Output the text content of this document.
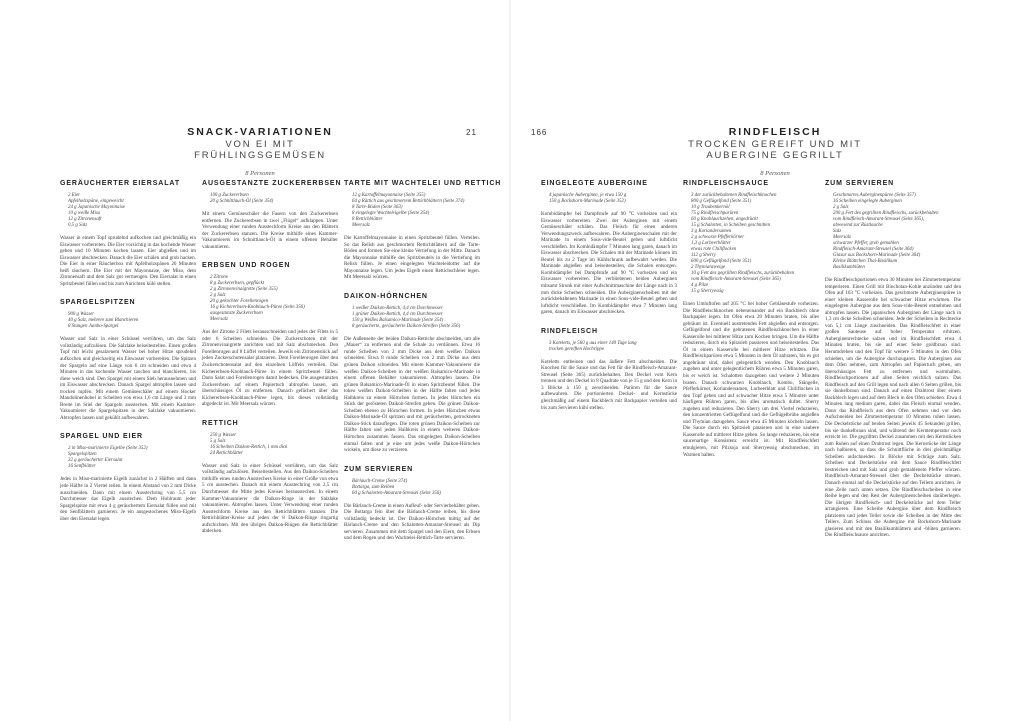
21
SNACK-VARIATIONEN
VON EI MIT FRÜHLINGSGEMÜSEN
8 Personen
GERÄUCHERTER EIERSALAT
2 Eier
Apfelholzspäne, eingeweicht
24 g Japanische Mayonnaise
10 g weiße Miso
12 g Zitronensaft
0,5 g Salz
Wasser in einem Topf sprudelnd aufkochen und gleichmäßig ein Eiswasser vorbereiten. Die Eier vorsichtig in das kochende Wasser geben und 10 Minuten kochen lassen. Eier abgießen und im Eiswasser abschrecken. Danach die Eier schälen und grob hacken. Die Eier in einer Räucherbox mit Apfelholzspänen 20 Minuten heiß räuchern. Die Eier mit der Mayonnaise, der Miso, dem Zitronensaft und dem Salz gut vermengen. Den Eiersalat in einen Spritzbeutel füllen und bis zum Anrichten kühl stellen.
SPARGELSPITZEN
900 g Wasser
40 g Salz, mehrere zum Blanchieren
8 Stangen Jumbo-Spargel
Wasser und Salz in einer Schüssel verrühren, um das Salz vollständig aufzulösen. Die Salzlake beiseitestellen. Einen großen Topf mit leicht gesalzenem Wasser bei hoher Hitze sprudelnd aufkochen und gleichzeitig ein Eiswasser vorbereiten. Die Spitzen der Spargeln auf eine Länge von 6 cm schneiden und etwa 4 Minuten in das kochende Wasser tauchen und blanchieren, bis diese weich sind. Den Spargel mit einem Sieb herausnehmen und im Eiswasser abschrecken. Danach Spargel abtropfen lassen und trocken tupfen. Mit einem Gemüseschäler auf einem Hocker Mandolinenhobel in Scheiben von etwa 1,6 cm Länge und 3 mm Breite im Stiel der Spargeln ausstechen. Mit einem Kammer-Vakuumierer die Spargelspitzen in der Salzlake vakuumieren. Abtropfen lassen und gekühlt aufbewahren.
SPARGEL UND EIER
2 in Miso-marinierte Eigelbe (Seite 352)
Spargelspitzen
32 g geräucherter Eiersalat
16 Senfblätter
Jedes in Miso-marinierte Eigelb zunächst in 2 Hälften und dann jede Hälfte in 2 Viertel teilen. In einem Abstand von 2 mm Dicke ausschneiden. Dann mit einem Ausstechring von 5,5 cm Durchmesser das Eigelb ausstechen. Dem Hohlraum jeder Spargelspitze mit etwa 4 g geräuchertem Eiersalat füllen und mit den Senfblättern garnieren. Je ein ausgestochenes Miso-Eigelb über den Eiersalat legen.
AUSGESTANZTE ZUCKERERBSEN
100 g Zuckererbsen
20 g Schnittlauch-Öl (Seite 354)
Mit einem Gemüseschäler die Fasern von den Zuckererbsen entfernen. Die Zuckererbsen in zwei „Flügel“ aufklappen. Unter Verwendung einer runden Ausstechform Kreise aus den Blättern der Zuckererbsen stanzen. Die Kreise mithilfe eines Kammer-Vakuumierers im Schnittlauch-Öl in einem offenen Behälter vakuumieren.
ERBSEN UND ROGEN
2 Zitrone
8 g Zuckererbsen, gepflückt
2 g Zitronenvinaigrette (Seite 355)
2 g Salz
20 g gekochter Forellenrogen
16 g Kichererbsen-Knoblauch-Püree (Seite 356)
ausgestanzte Zuckererbsen
Meersalz
Aus der Zitrone 2 Filets herausschneiden und jedes der Filets in 5 oder 6 Scheiben schneiden. Die Zuckerschoten mit der Zitronenvinaigrette anrichten und mit Salz abschmecken. Den Forellenrogen auf 8 Löffel verteilen. Jeweils ein Zitronenstück auf jeden Zuckerschotensalat platzieren. Dem Forellenrogen über den Zuckerschotensalat auf den einzelnen Löffeln verteilen. Das Kichererbsen-Knoblauch-Püree in einem Spritzbeutel füllen. Dann Salat und Forellenrogen damit bedecken. Die ausgestanzten Zuckererbsen auf einem Papiertuch abtropfen lassen, um überschüssiges Öl zu entfernen. Danach gefächert über das Kichererbsen-Knoblauch-Püree legen, bis dieses vollständig abgedeckt ist. Mit Meersalz würzen.
RETTICH
250 g Wasser
5 g Salz
16 Scheiben Daikon-Rettich, 1 mm dick
24 Rettichblätter
Wasser und Salz in einer Schüssel verrühren, um das Salz vollständig aufzulösen. Beiseitestellen. Aus den Daikon-Scheiben mithilfe eines runden Ausstechers Kreise in einer Größe von etwa 5 cm ausstechen. Danach mit einem Ausstechring von 2,5 cm Durchmesser die Mitte jedes Kreises herausstechen. In einem Kammer-Vakuumierer die Daikon-Ringe in der Salzlake vakuumieren. Abtropfen lassen. Unter Verwendung einer runden Ausstechform Kreise aus den Rettichblättern stanzen. Die Rettichblätter-Kreise auf jeden der 8 Daikon-Ringe ringartig aufschichten. Mit den übrigen Daikon-Ringen die Rettichblätter abdecken.
TARTE MIT WACHTELEI UND RETTICH
12 g Kartoffelmayonnaise (Seite 355)
64 g Rättich aus geschmortem Rettichblättern (Seite 374)
8 Tarte-Böden (Seite 363)
8 eingelegte Wachteleigelbe (Seite 354)
8 Rettichblätter
Meersalz
Die Kartoffelmayonnaise in einen Spritzbeutel füllen. Verteilen. So das Relish aus geschmortem Rettichblättern auf die Tarte-Böden und formen Sie eine kleine Vertiefung in der Mitte. Danach die Mayonnaise mithilfe des Spritzbeutels in die Vertiefung im Relish füllen. Je einen eingelegten Wachteleidotter auf die Mayonnaise legen. Um jedes Eigelb einen Rettichschleier legen. Mit Meersalz würzen.
DAIKON-HÖRNCHEN
1 weißer Daikon-Rettich, 4,4 cm Durchmesser
1 grüner Daikon-Rettich, 4,4 cm Durchmesser
150 g Weißes Balsamico-Marinade (Seite 354)
8 geräucherte, geräucherte Daikon-Streifen (Seite 356)
Die Außenseite der beiden Daikon-Rettiche abschneiden, um alle „Mauer“ zu entfernen und die Schale zu verdünnen. Etwa 16 runde Scheiben von 2 mm Dicke aus dem weißen Daikon schneiden. Etwa 8 runde Scheiben von 2 mm Dicke aus dem grünen Daikon schneiden. Mit einem Kammer-Vakuumierer die weißen Daikon-Scheiben in der weißen Balsamico-Marinade in einem offenen Behälter vakuumieren. Abtropfen lassen. Die grünen Balsamico-Marinade-Öl in einen Spritzbeutel füllen. Die tokeo weißen Daikon-Scheiben in der Hälfte falten und jedes Halbkreis zu einem Hörnchen formen. In jedes Hörnchen ein Stück der gerösteten Daikon-Streifen geben. Die grünen Daikon-Scheiben ebenso zu Hörnchen formen. In jedes Hörnchen etwas Daikon-Marinade-Öl spritzen und mit geräucherten, getrockneten Daikon-Stick darauflegen. Die roten grünen Daikon-Scheiben zur Hälfte falten und jeden Halbkreis in einem weiteren Daikon-Hörnchen zusammen fassen. Das eingelegten Daikon-Scheiben einmal falten und je eine um jedes weiße Daikon-Hörnchen wickeln, um diese zu verzieren.
ZUM SERVIEREN
Bärlauch-Creme (Seite 374)
Bottarga, zum Reiben
60 g Schalotten-Amarant-Streusel (Seite 356)
Die Bärlauch-Creme in einen Aufleuf- oder Servierbehälter geben. Die Bottarga fein über die Bärlauch-Creme reiben, bis diese vollständig bedeckt ist. Der Daikon-Hörnchen mittig auf der Bärlauch-Creme und den Schalotten-Amarant-Streusel als Dip servieren. Zusammen mit dem Spargel und den Eiern, den Erbsen und dem Rogen und den Wachtelei-Rettich-Tarte servieren.
166	RINDFLEISCH
TROCKEN GEREIFT UND MIT AUBERGINE GEGRILLT
8 Personen
EINGELEGTE AUBERGINE
4 japanische Auberginen, je etwa 150 g
150 g Bockshorn-Marinade (Seite 352)
Kombidämpfer bei Dampfstufe auf 90 °C vorheizen und ein Eiswasser vorbereiten. Zwei der Auberginen mit einem Gemüseschäler schälen. Das Fleisch für einen anderen Verwendungszweck aufbewahren. Die Auberginenschalen mit der Marinade in einem Sous-vide-Beutel geben und luftdicht verschließen. Im Kombidämpfer 7 Minuten lang garen, danach im Eiswasser abschrecken. Die Schalen mit der Marinade können im Beutel bis zu 2 Tage im Kühlschrank aufbewahrt werden. Die Marinade abgießen und beiseitestellen, die Schalen entsorgen. Kombidämpfer bei Dampfstufe auf 90 °C vorheizen und ein Eiswasser vorbereiten. Die verbliebenen beiden Auberginen mitsamt Strunk mit einer Aufschnittmaschine der Länge nach in 3 mm dicke Scheiben schneiden. Die Auberginenscheiben mit der zurückbehaltenen Marinade in einen Sous-vide-Beutel geben und luftdicht verschließen. Im Kombidämpfer etwa 7 Minuten lang garen, danach im Eiswasser abschrecken.
RINDFLEISCH
3 Koteletts, je 560 g aus einer 140 Tage lang
trocken gereiften Hochrippe
Koteletts entbeinen und das äußere Fett abschneiden. Die Knochen für die Sauce und das Fett für die Rindfleisch-Amarant-Streusel (Seite 365) zurückbehalten. Den Deckel vom Kern trennen und den Deckel in 8 Quadrate von je 15 g und den Kern in 3 Blöcke à 150 g zerschneiden. Parüren für die Sauce aufbewahren. Die portionierten Deckel- und Kernstücke gleichmäßig auf einem Backblech mit Backpapier verteilen und bis zum Servieren kühl stellen.
RINDFLEISCHSAUCE
3 der zurückbehaltenen Rindfleischknochen
800 g Geflügelfond (Seite 351)
10 g Traubenkernöl
75 g Rindfleischparüren
60 g Knoblauchzehen, angedrückt
15 g Schalotten, in Scheiben geschnitten
3 g Koriandersamen
2 g schwarze Pfefferkörner
1,3 g Lorbeerblätter
etwas rote Chiliflocken
112 g Sherry
600 g Geflügelfond (Seite 351)
2 Thymianzweige
10 g Fett des gegrillten Rindfleischs, zurückbehalten
vom Rindfleisch-Amarant-Streusel (Seite 365)
4 g Pilze
15 g Sherryessig
Einen Umluftofen auf 205 °C bei hoher Gebläsestufe vorheizen. Die Rindfleischknochen nebeneinander auf ein Backblech ohne Backpapier legen. Im Ofen etwa 20 Minuten braten, bis alles gebräunt ist. Eventuell austretendes Fett abgießen und entsorgen. Geflügelfond und die gebratenen Rindfleischknochen in einer Kasserolle bei mittlerer Hitze zum Kochen bringen. Um die Hälfte reduzieren, durch ein Spitzsieb passieren und beiseitestellen. Das Öl in einem Kasserolle bei mittlerer Hitze erhitzen. Die Rindfleischparüren etwa 5 Minuten in dem Öl anbraten, bis es gut angebräunt sind, dabei gelegentlich wenden. Den Knoblauch zugeben und unter gelegentlichem Rühren etwa 5 Minuten garen, bis er weich ist. Schalotten dazugeben und weitere 2 Minuten braten. Danach schwarzen Knoblauch, Kombu, Stängelle, Pfefferkörner, Koriandersamen, Lorbeerblatt und Chiliflocken in den Topf geben und auf schwacher Hitze etwa 5 Minuten unter häufigem Rühren garen, bis alles aromatisch duftet. Sherry zugeben und reduzieren. Den Sherry um drei Viertel reduzieren, den konzentrierten Geflügelfond und die Geflügelbrühe angießen und Thymian dazugeben. Sauce etwa 45 Minuten köcheln lassen. Die Sauce durch ein Spitzsieb passieren und in eine saubere Kasserolle auf mittlerer Hitze geben. So lange reduzieren, bis eine saucenartige Konsistenz erreicht ist. Mit Rindfleischfett emulgieren, mit Pilzsoja und Sherryessig abschmecken, im Warmen halten.
ZUM SERVIEREN
Geschmortes Auberginenpüree (Seite 357)
16 Scheiben eingelegte Auberginen
2 g Salz
200 g Fett des gegrillten Rindfleischs, zurückbehalten
vom Rindfleisch-Amarant-Streusel (Seite 365),
abwesend zur Rüstlauche
Salz
Meersalz
schwarzer Pfeffer, grob gemahlen
Rindfleisch-Amarant-Streusel (Seite 364)
Glasur aus Bockshorn-Marinade (Seite 364)
Kleine Blättchen Thai-Basilikum
Basilikumblüten
Die Rindfleischportionen etwa 30 Minuten bei Zimmertemperatur temperieren. Einen Grill mit Binchotan-Kohle anzünden und den Ofen auf 163 °C vorheizen. Das geschmorte Auberginenpüree in einer kleinen Kasserolle bei schwacher Hitze erwärmen. Die eingelegten Aubergine aus dem Sous-vide-Beutel entnehmen und abtropfen lassen. Die japanischen Auberginen der Länge nach in 1,3 cm dicke Scheiben schneiden. Jede der Scheiben in Rechtecke von 5,1 cm Länge zuschneiden. Das Rindfleischfett in einer großen Sauteuse auf hoher Temperatur erhitzen. Auberginenrechtecke salzen und im Rindfleischfett etwa 4 Minuten braten, bis sie auf einer Seite goldbraun sind. Herumdrehen und den Topf für weitere 5 Minuten in den Ofen schieben, um die Aubergine durchzugaren. Die Auberginen aus dem Ofen nehmen, zum Abtropfen auf Papiertuch geben, um überschüssiges Fett zu entfernen und warmhalten. Rindfleischportionen auf allen Seiten reichlich salzen. Das Rindfleisch auf den Grill legen und nach allen 6 Seiten grillen, bis sie dunkelbraun sind. Danach auf einen Drahtrost über einem Backblech legen und auf dem Blech in den Ofen schieben. Etwa 4 Minuten lang medium garen, dabei das Fleisch einmal wenden. Dann das Rindfleisch aus dem Ofen nehmen und vor dem Aufschneiden bei Zimmertemperatur 10 Minuten ruhen lassen. Die Deckelstücke auf beiden Seiten jeweils 45 Sekunden grillen, bis sie dunkelbraun sind, und während der Kerntemperatur noch erreicht ist. Die gegrillten Deckel zusammen mit den Kernstücken zum Ruhen auf einen Drahtrost legen. Die Kernstücke der Länge nach halbieren, so dass die Schnittfläche in drei gleichmäßige Scheiben aufschneiden. In Blöcke mit Schräge zum Salz. Scheiben und Deckelstücke mit dem Sauce Rindfleischfett bestreichen und mit Salz und grob gemahlenem Pfeffer würzen. Rindfleisch-Amarant-Streusel über die Deckelstücke streuen. Danach einmal auf die Deckelstücke auf den Tellern anrichten. Je eine Zeile nach unten setzen. Die Rindfleischscheiben in eine Reihe legen und den Rest der Auberginenscheiben darüberlegen. Die übrigen Rindfleisch- und Deckelstücke auf dem Teller arrangieren. Eine Scheibe Aubergine über dem Rindfleisch platzieren und jedes Teller sowie die Scheiben in der Mitte des Tellers. Zum Schluss die Aubergine mit Bockshorn-Marinade glasieren und mit den Basilikumblättern und -blüten garnieren. Die Rindfleischsauce anrichten.
